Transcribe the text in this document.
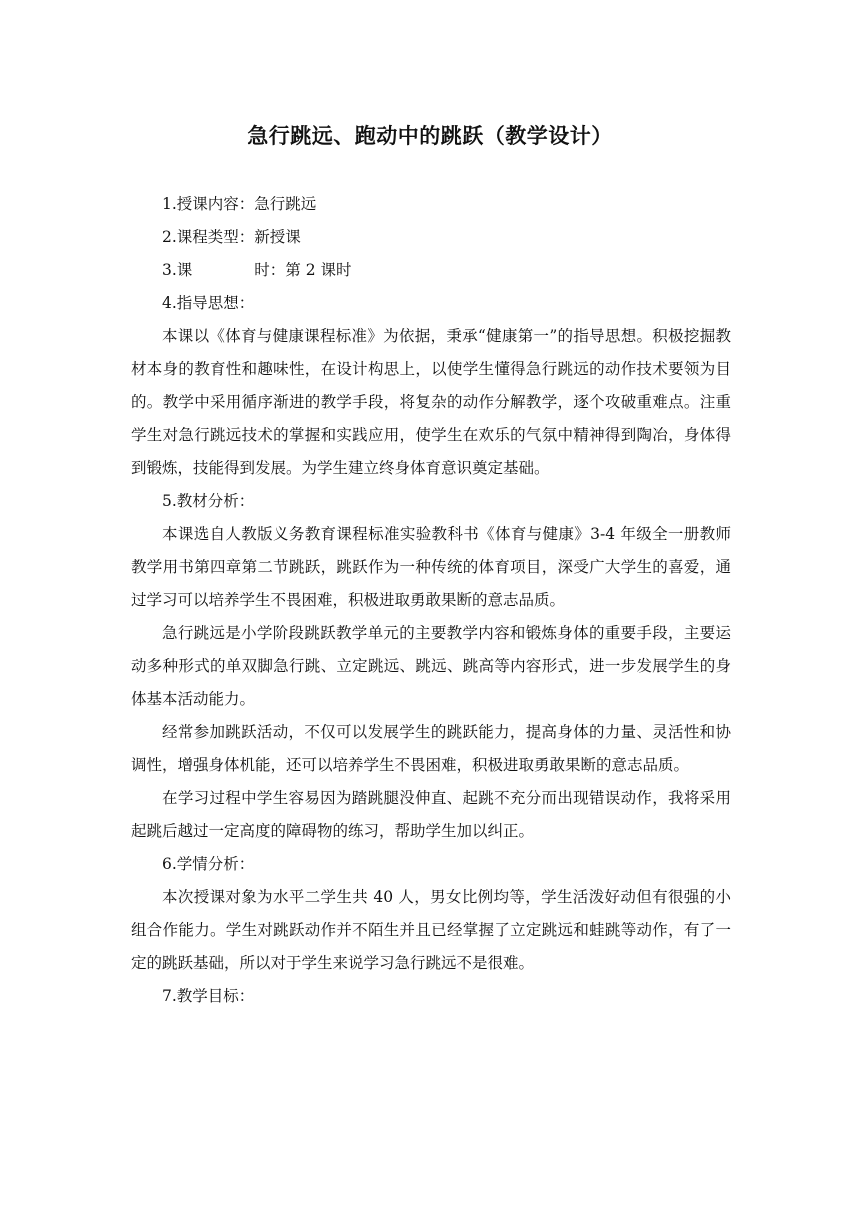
急行跳远、跑动中的跳跃（教学设计）
1.授课内容：急行跳远
2.课程类型：新授课
3.课	时：第 2 课时
4.指导思想：
本课以《体育与健康课程标准》为依据，秉承“健康第一”的指导思想。积极挖掘教材本身的教育性和趣味性，在设计构思上，以使学生懂得急行跳远的动作技术要领为目的。教学中采用循序渐进的教学手段，将复杂的动作分解教学，逐个攻破重难点。注重学生对急行跳远技术的掌握和实践应用，使学生在欢乐的气氛中精神得到陶冶，身体得到锻炼，技能得到发展。为学生建立终身体育意识奠定基础。
5.教材分析：
本课选自人教版义务教育课程标准实验教科书《体育与健康》3-4 年级全一册教师教学用书第四章第二节跳跃，跳跃作为一种传统的体育项目，深受广大学生的喜爱，通过学习可以培养学生不畏困难，积极进取勇敢果断的意志品质。
急行跳远是小学阶段跳跃教学单元的主要教学内容和锻炼身体的重要手段，主要运动多种形式的单双脚急行跳、立定跳远、跳远、跳高等内容形式，进一步发展学生的身体基本活动能力。
经常参加跳跃活动，不仅可以发展学生的跳跃能力，提高身体的力量、灵活性和协调性，增强身体机能，还可以培养学生不畏困难，积极进取勇敢果断的意志品质。
在学习过程中学生容易因为踏跳腿没伸直、起跳不充分而出现错误动作，我将采用起跳后越过一定高度的障碍物的练习，帮助学生加以纠正。
6.学情分析：
本次授课对象为水平二学生共 40 人，男女比例均等，学生活泼好动但有很强的小组合作能力。学生对跳跃动作并不陌生并且已经掌握了立定跳远和蛙跳等动作，有了一定的跳跃基础，所以对于学生来说学习急行跳远不是很难。
7.教学目标：
